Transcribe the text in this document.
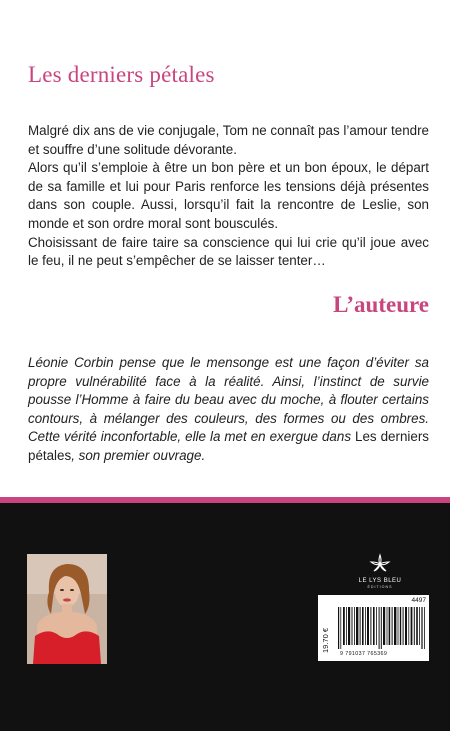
Les derniers pétales

Malgré dix ans de vie conjugale, Tom ne connaît pas l’amour tendre et souffre d’une solitude dévorante.

Alors qu’il s’emploie à être un bon père et un bon époux, le départ de sa famille et lui pour Paris renforce les tensions déjà présentes dans son couple. Aussi, lorsqu’il fait la rencontre de Leslie, son monde et son ordre moral sont bousculés.

Choisissant de faire taire sa conscience qui lui crie qu’il joue avec le feu, il ne peut s’empêcher de se laisser tenter…

L’auteure

Léonie Corbin pense que le mensonge est une façon d’éviter sa propre vulnérabilité face à la réalité. Ainsi, l’instinct de survie pousse l’Homme à faire du beau avec du moche, à flouter certains contours, à mélanger des couleurs, des formes ou des ombres. Cette vérité inconfortable, elle la met en exergue dans Les derniers pétales, son premier ouvrage.

LE LYS BLEU
ÉDITIONS
4497
19.70 €
9 791037 765369
